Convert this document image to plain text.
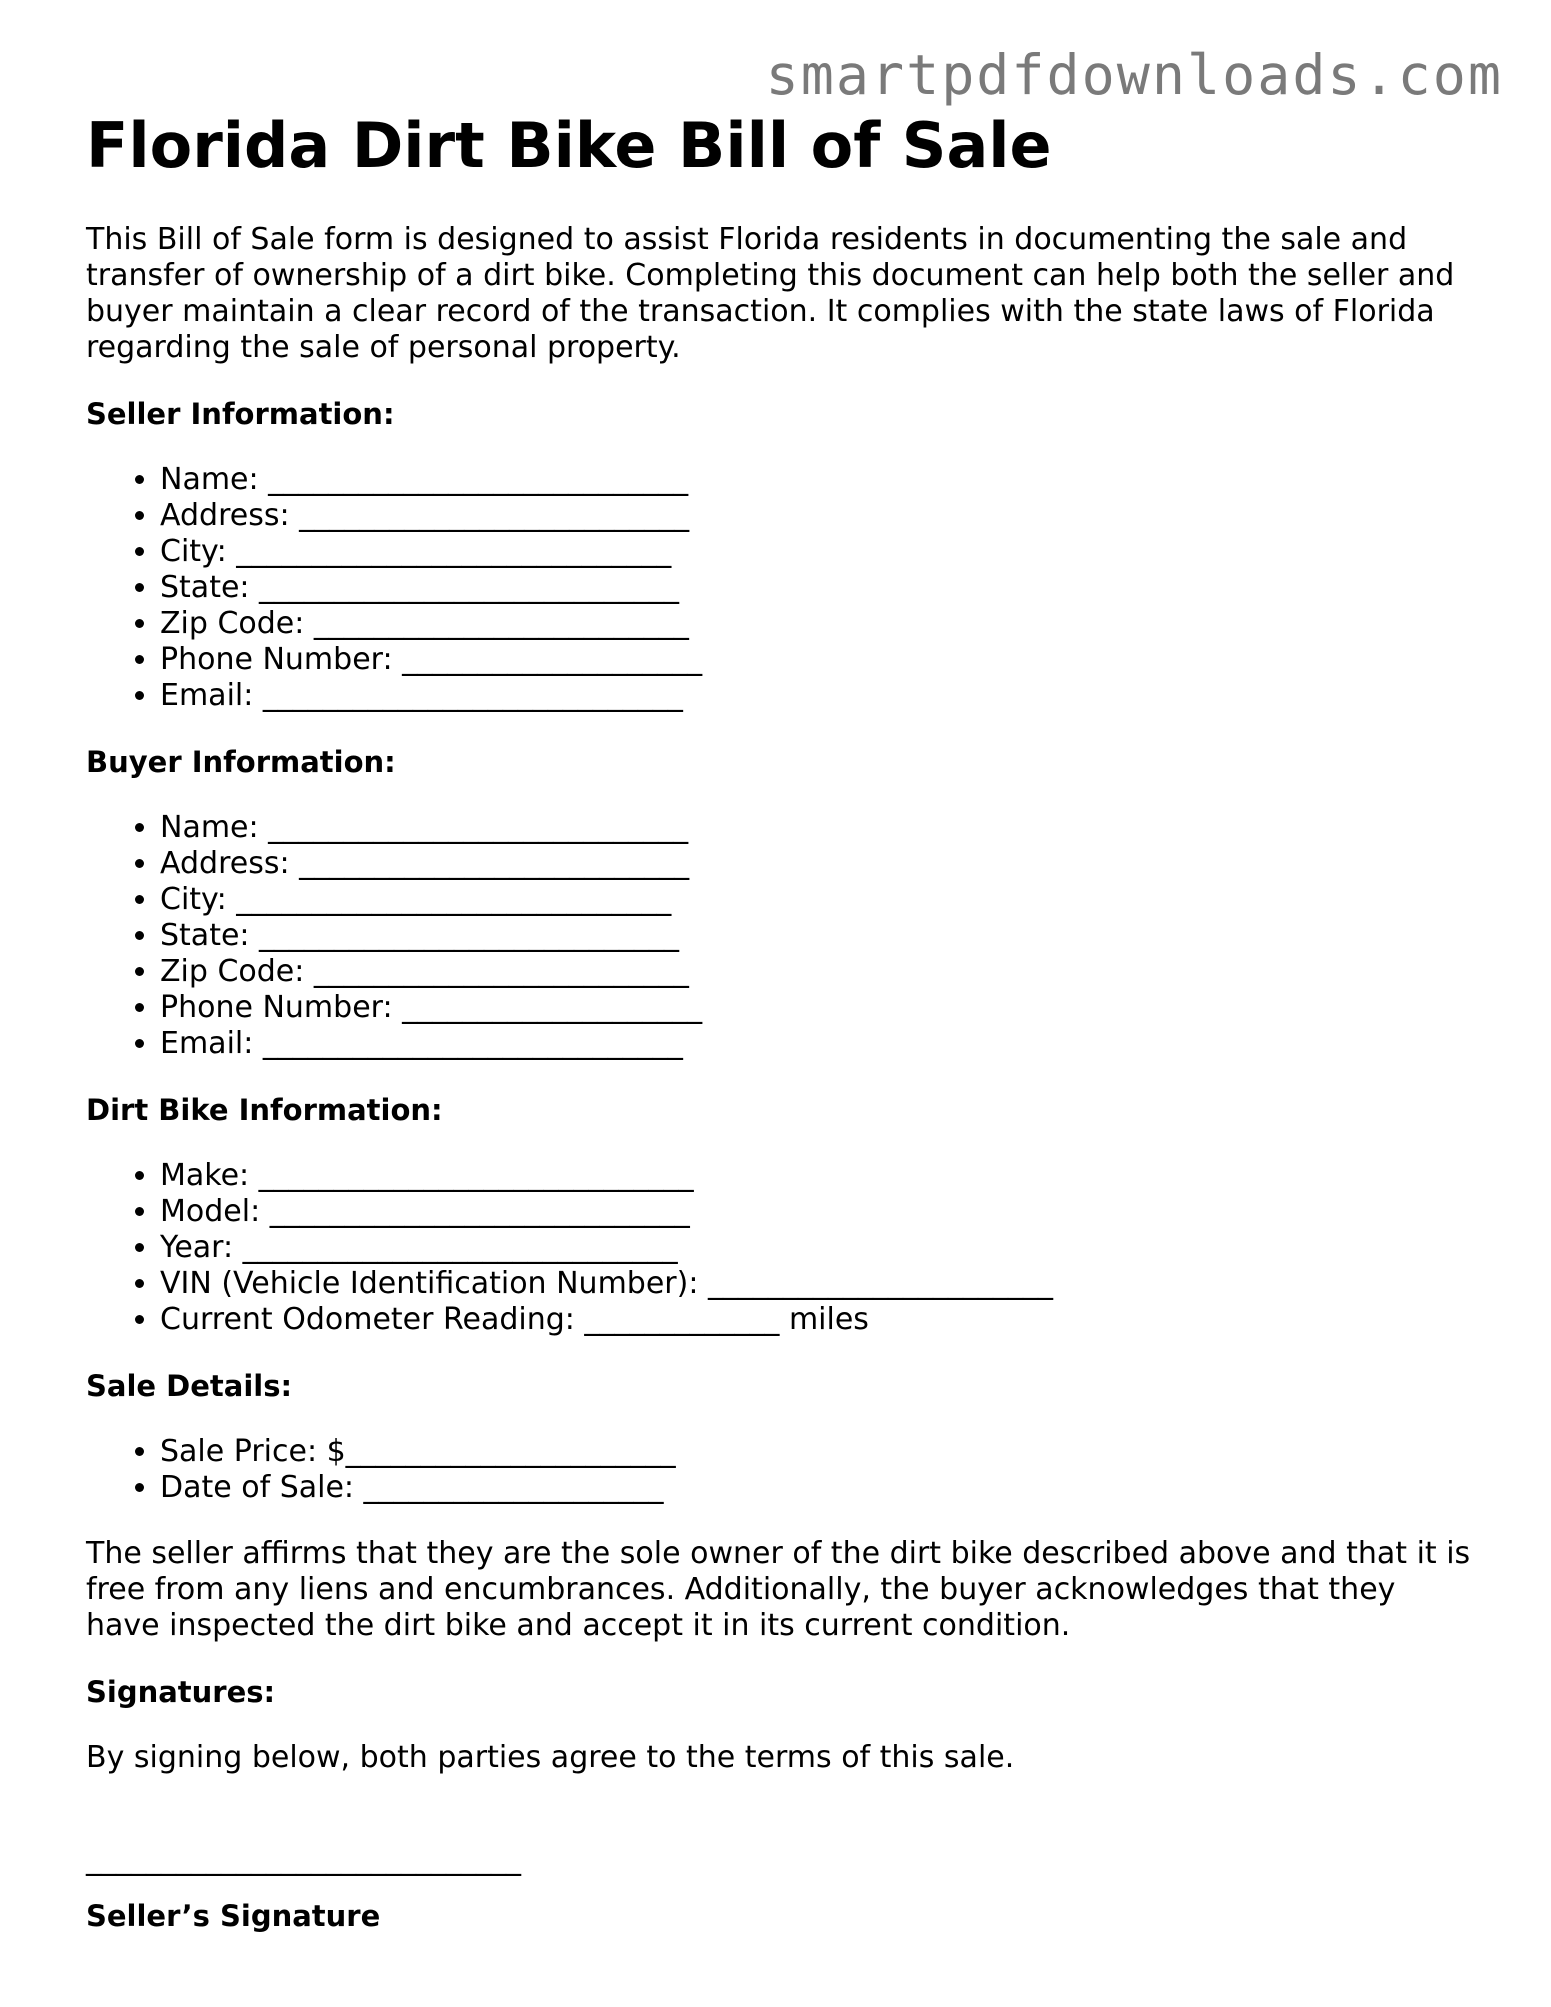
smartpdfdownloads.com
Florida Dirt Bike Bill of Sale

This Bill of Sale form is designed to assist Florida residents in documenting the sale and transfer of ownership of a dirt bike. Completing this document can help both the seller and buyer maintain a clear record of the transaction. It complies with the state laws of Florida regarding the sale of personal property.

Seller Information:
• Name: ____________________________
• Address: __________________________
• City: _____________________________
• State: ____________________________
• Zip Code: _________________________
• Phone Number: ____________________
• Email: ____________________________
Buyer Information:
• Name: ____________________________
• Address: __________________________
• City: _____________________________
• State: ____________________________
• Zip Code: _________________________
• Phone Number: ____________________
• Email: ____________________________
Dirt Bike Information:
• Make: _____________________________
• Model: ____________________________
• Year: _____________________________
• VIN (Vehicle Identification Number): _______________________
• Current Odometer Reading: _____________ miles
Sale Details:
• Sale Price: $______________________
• Date of Sale: ____________________

The seller affirms that they are the sole owner of the dirt bike described above and that it is free from any liens and encumbrances. Additionally, the buyer acknowledges that they have inspected the dirt bike and accept it in its current condition.

Signatures:

By signing below, both parties agree to the terms of this sale.

_____________________________
Seller’s Signature
